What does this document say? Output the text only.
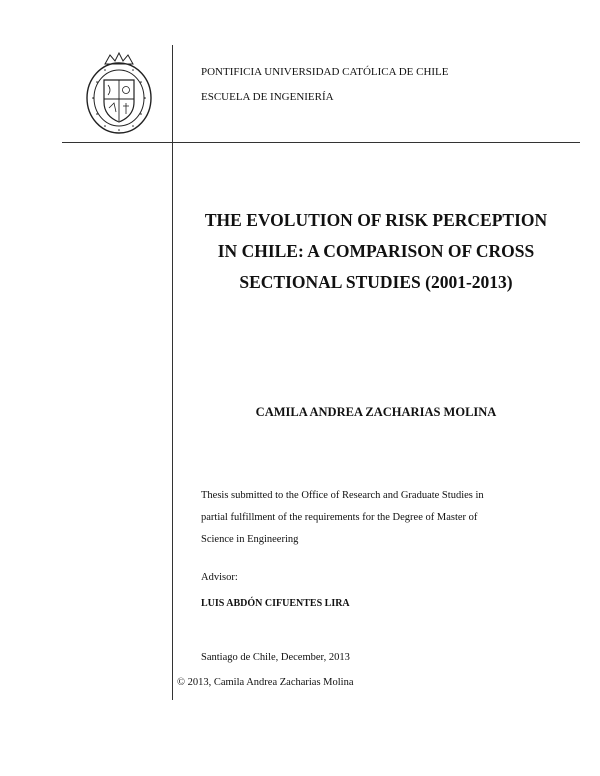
PONTIFICIA UNIVERSIDAD CATÓLICA DE CHILE
ESCUELA DE INGENIERÍA
THE EVOLUTION OF RISK PERCEPTION
IN CHILE: A COMPARISON OF CROSS
SECTIONAL STUDIES (2001-2013)
CAMILA ANDREA ZACHARIAS MOLINA
Thesis submitted to the Office of Research and Graduate Studies in
partial fulfillment of the requirements for the Degree of Master of
Science in Engineering
Advisor:
LUIS ABDÓN CIFUENTES LIRA
Santiago de Chile, December, 2013
© 2013, Camila Andrea Zacharias Molina
